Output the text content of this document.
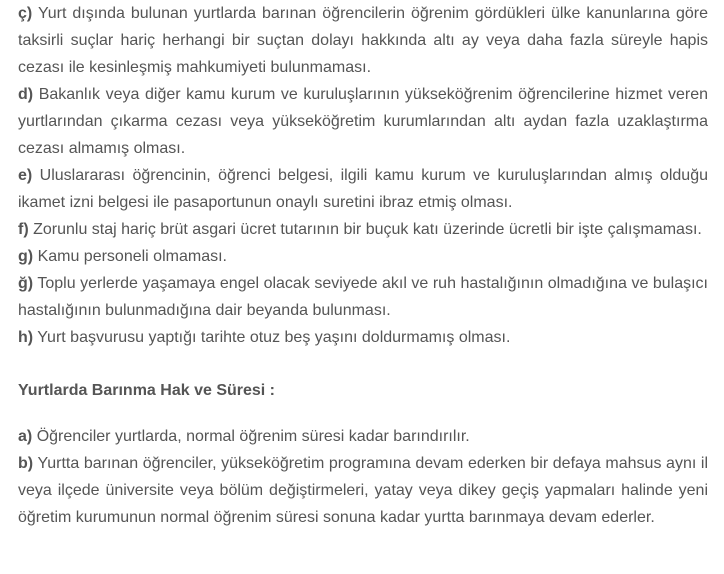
ç) Yurt dışında bulunan yurtlarda barınan öğrencilerin öğrenim gördükleri ülke kanunlarına göre taksirli suçlar hariç herhangi bir suçtan dolayı hakkında altı ay veya daha fazla süreyle hapis cezası ile kesinleşmiş mahkumiyeti bulunmaması.

d) Bakanlık veya diğer kamu kurum ve kuruluşlarının yükseköğrenim öğrencilerine hizmet veren yurtlarından çıkarma cezası veya yükseköğretim kurumlarından altı aydan fazla uzaklaştırma cezası almamış olması.

e) Uluslararası öğrencinin, öğrenci belgesi, ilgili kamu kurum ve kuruluşlarından almış olduğu ikamet izni belgesi ile pasaportunun onaylı suretini ibraz etmiş olması.

f) Zorunlu staj hariç brüt asgari ücret tutarının bir buçuk katı üzerinde ücretli bir işte çalışmaması.

g) Kamu personeli olmaması.

ğ) Toplu yerlerde yaşamaya engel olacak seviyede akıl ve ruh hastalığının olmadığına ve bulaşıcı hastalığının bulunmadığına dair beyanda bulunması.

h) Yurt başvurusu yaptığı tarihte otuz beş yaşını doldurmamış olması.

Yurtlarda Barınma Hak ve Süresi :

a) Öğrenciler yurtlarda, normal öğrenim süresi kadar barındırılır.

b) Yurtta barınan öğrenciler, yükseköğretim programına devam ederken bir defaya mahsus aynı il veya ilçede üniversite veya bölüm değiştirmeleri, yatay veya dikey geçiş yapmaları halinde yeni öğretim kurumunun normal öğrenim süresi sonuna kadar yurtta barınmaya devam ederler.
